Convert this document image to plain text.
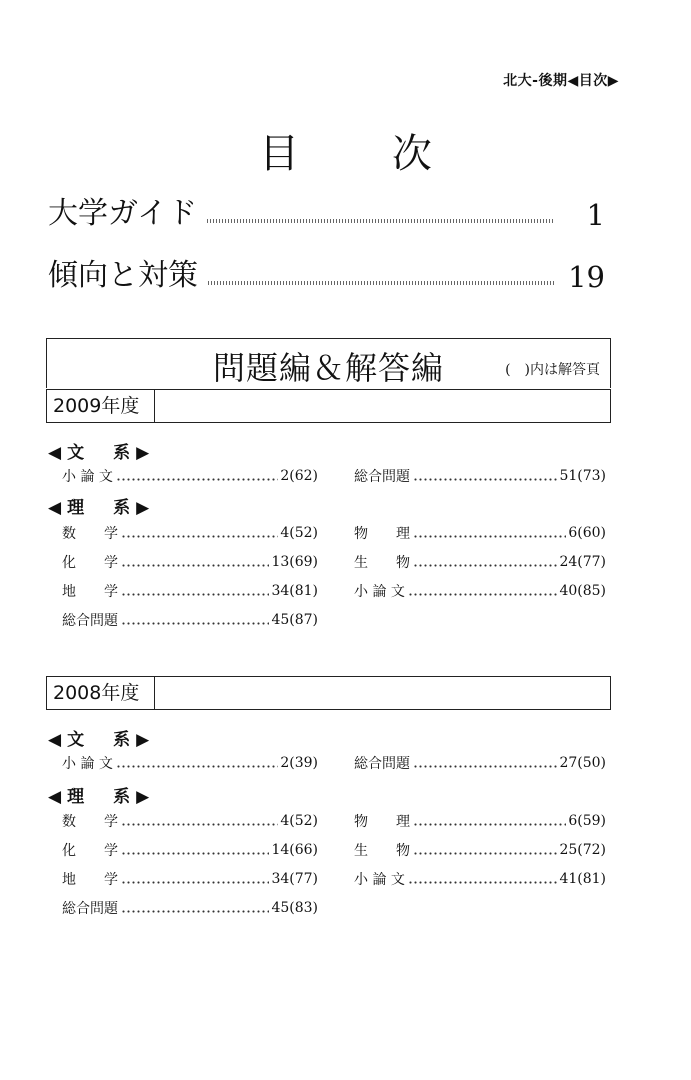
北大-後期◀目次▶
目 次
大学ガイド	1
傾向と対策	19
問題編＆解答編	(　)内は解答頁
2009年度
◀文　系▶
小 論 文	2(62)	総合問題	51(73)
◀理　系▶
数　　学	4(52)	物　　理	6(60)
化　　学	13(69)	生　　物	24(77)
地　　学	34(81)	小 論 文	40(85)
総合問題	45(87)
2008年度
◀文　系▶
小 論 文	2(39)	総合問題	27(50)
◀理　系▶
数　　学	4(52)	物　　理	6(59)
化　　学	14(66)	生　　物	25(72)
地　　学	34(77)	小 論 文	41(81)
総合問題	45(83)
